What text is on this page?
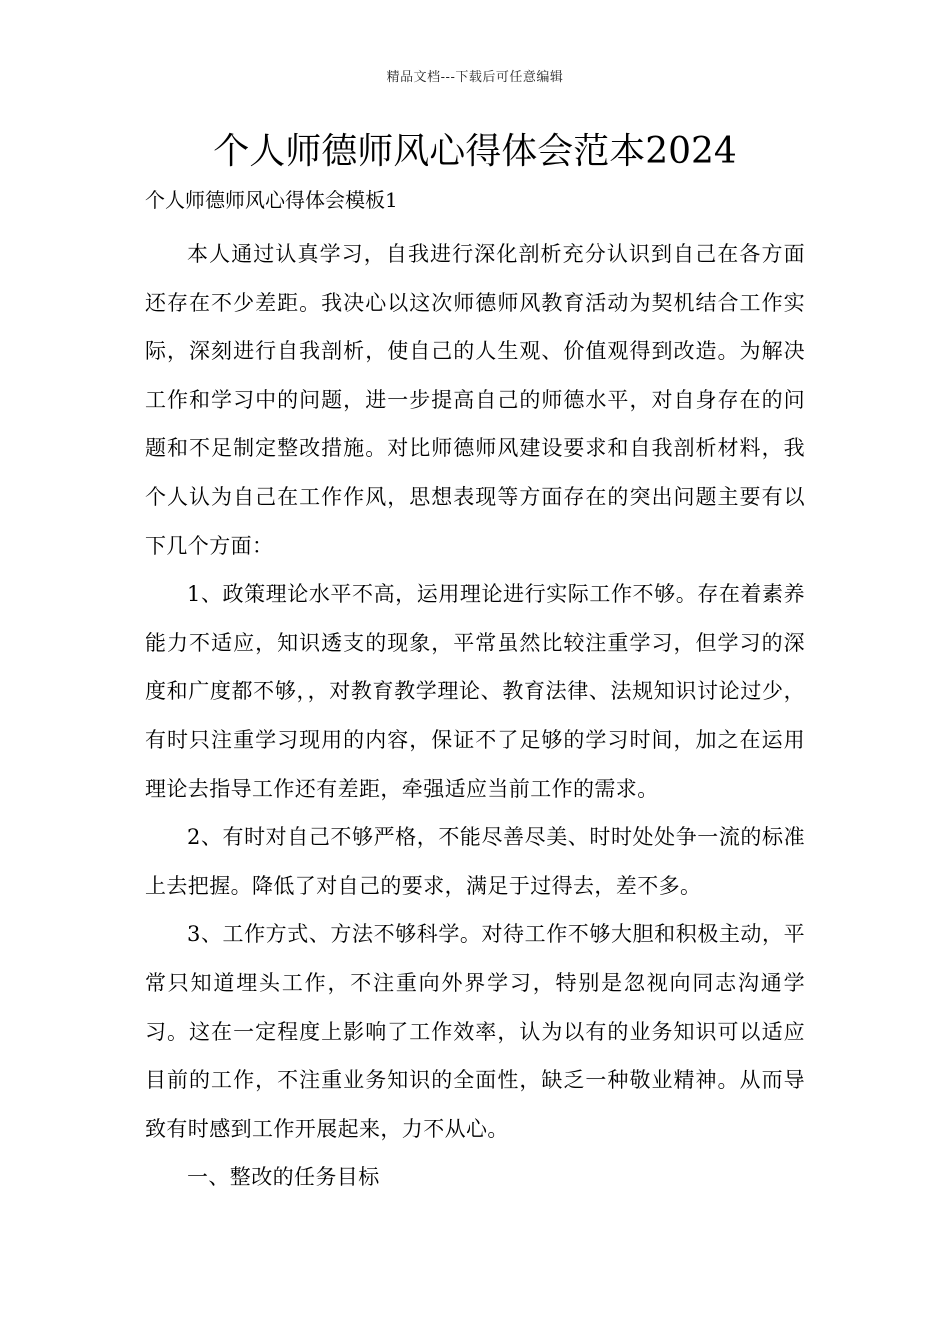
精品文档---下载后可任意编辑
个人师德师风心得体会范本2024

个人师德师风心得体会模板1

本人通过认真学习，自我进行深化剖析充分认识到自己在各方面还存在不少差距。我决心以这次师德师风教育活动为契机结合工作实际，深刻进行自我剖析，使自己的人生观、价值观得到改造。为解决工作和学习中的问题，进一步提高自己的师德水平，对自身存在的问题和不足制定整改措施。对比师德师风建设要求和自我剖析材料，我个人认为自己在工作作风，思想表现等方面存在的突出问题主要有以下几个方面：

1、政策理论水平不高，运用理论进行实际工作不够。存在着素养能力不适应，知识透支的现象，平常虽然比较注重学习，但学习的深度和广度都不够，，对教育教学理论、教育法律、法规知识讨论过少，有时只注重学习现用的内容，保证不了足够的学习时间，加之在运用理论去指导工作还有差距，牵强适应当前工作的需求。

2、有时对自己不够严格，不能尽善尽美、时时处处争一流的标准上去把握。降低了对自己的要求，满足于过得去，差不多。

3、工作方式、方法不够科学。对待工作不够大胆和积极主动，平常只知道埋头工作，不注重向外界学习，特别是忽视向同志沟通学习。这在一定程度上影响了工作效率，认为以有的业务知识可以适应目前的工作，不注重业务知识的全面性，缺乏一种敬业精神。从而导致有时感到工作开展起来，力不从心。

一、整改的任务目标
